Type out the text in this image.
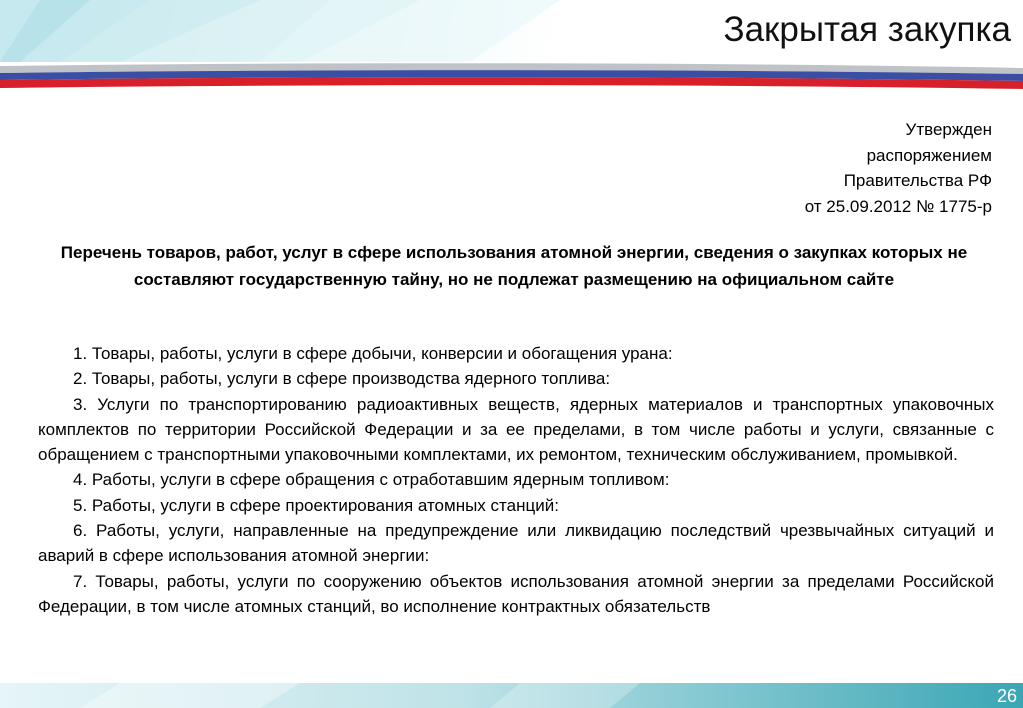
Закрытая закупка
Утвержден
распоряжением
Правительства РФ
от 25.09.2012 № 1775-р
Перечень товаров, работ, услуг в сфере использования атомной энергии, сведения о закупках которых не составляют государственную тайну, но не подлежат размещению на официальном сайте

1. Товары, работы, услуги в сфере добычи, конверсии и обогащения урана:

2. Товары, работы, услуги в сфере производства ядерного топлива:

3. Услуги по транспортированию радиоактивных веществ, ядерных материалов и транспортных упаковочных комплектов по территории Российской Федерации и за ее пределами, в том числе работы и услуги, связанные с обращением с транспортными упаковочными комплектами, их ремонтом, техническим обслуживанием, промывкой.

4. Работы, услуги в сфере обращения с отработавшим ядерным топливом:

5. Работы, услуги в сфере проектирования атомных станций:

6. Работы, услуги, направленные на предупреждение или ликвидацию последствий чрезвычайных ситуаций и аварий в сфере использования атомной энергии:

7. Товары, работы, услуги по сооружению объектов использования атомной энергии за пределами Российской Федерации, в том числе атомных станций, во исполнение контрактных обязательств

26
